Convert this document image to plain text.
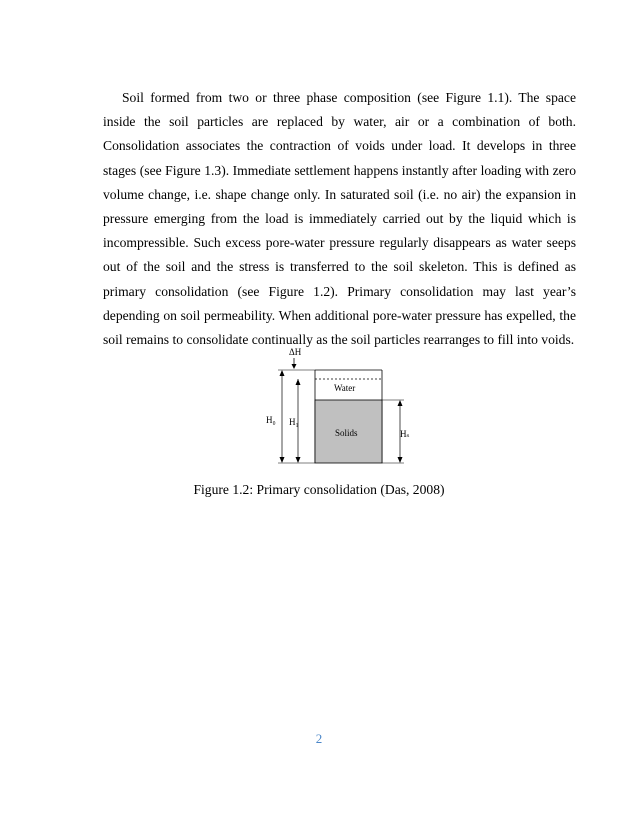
Soil formed from two or three phase composition (see Figure 1.1). The space inside the soil particles are replaced by water, air or a combination of both. Consolidation associates the contraction of voids under load. It develops in three stages (see Figure 1.3). Immediate settlement happens instantly after loading with zero volume change, i.e. shape change only. In saturated soil (i.e. no air) the expansion in pressure emerging from the load is immediately carried out by the liquid which is incompressible. Such excess pore-water pressure regularly disappears as water seeps out of the soil and the stress is transferred to the soil skeleton. This is defined as primary consolidation (see Figure 1.2). Primary consolidation may last year’s depending on soil permeability. When additional pore-water pressure has expelled, the soil remains to consolidate continually as the soil particles rearranges to fill into voids.

ΔH
Water
Solids
H₀ H₁
Hₛ

Figure 1.2: Primary consolidation (Das, 2008)

2
